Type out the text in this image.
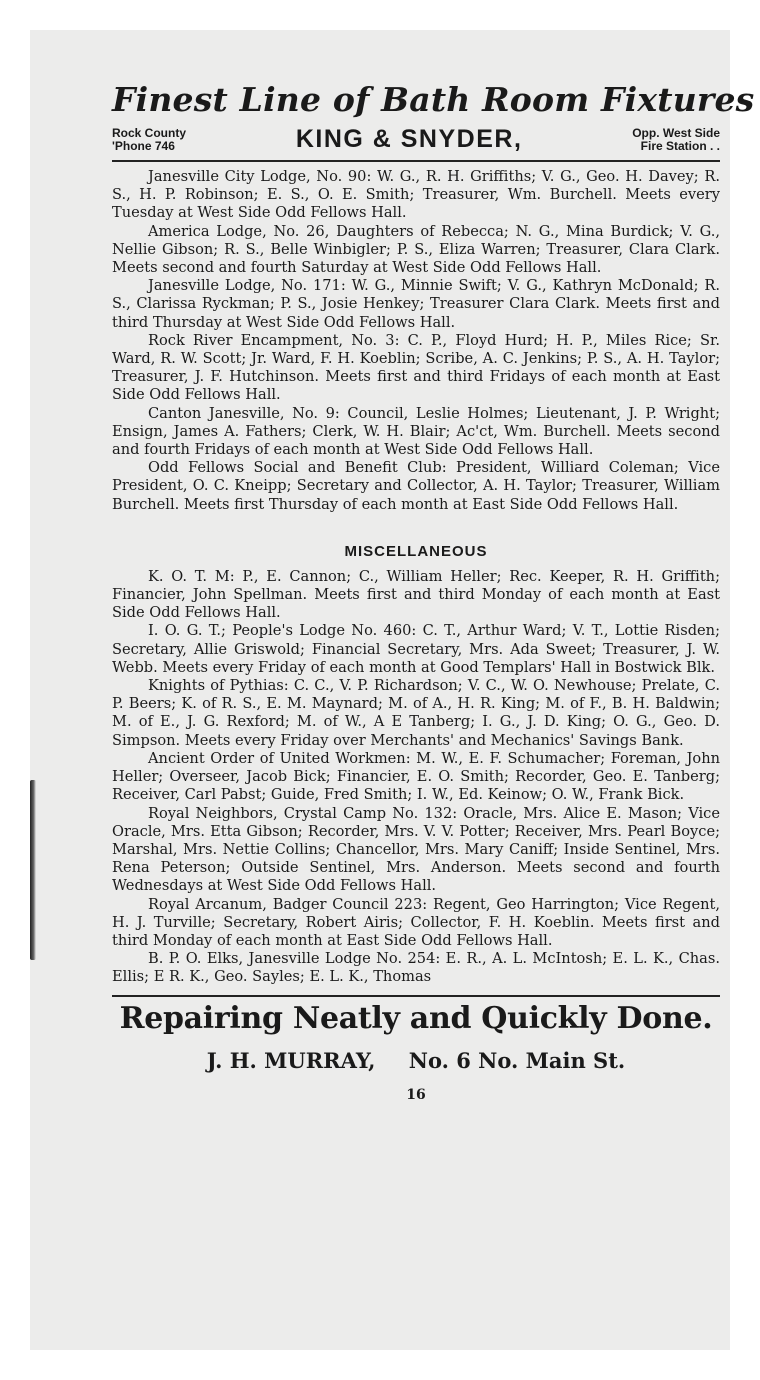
Finest Line of Bath Room Fixtures
Rock County
'Phone 746	KING & SNYDER,	Opp. West Side
Fire Station . .

Janesville City Lodge, No. 90: W. G., R. H. Griffiths; V. G., Geo. H. Davey; R. S., H. P. Robinson; E. S., O. E. Smith; Treasurer, Wm. Burchell. Meets every Tuesday at West Side Odd Fellows Hall.

America Lodge, No. 26, Daughters of Rebecca; N. G., Mina Burdick; V. G., Nellie Gibson; R. S., Belle Winbigler; P. S., Eliza Warren; Treasurer, Clara Clark. Meets second and fourth Saturday at West Side Odd Fellows Hall.

Janesville Lodge, No. 171: W. G., Minnie Swift; V. G., Kathryn McDonald; R. S., Clarissa Ryckman; P. S., Josie Henkey; Treasurer Clara Clark. Meets first and third Thursday at West Side Odd Fellows Hall.

Rock River Encampment, No. 3: C. P., Floyd Hurd; H. P., Miles Rice; Sr. Ward, R. W. Scott; Jr. Ward, F. H. Koeblin; Scribe, A. C. Jenkins; P. S., A. H. Taylor; Treasurer, J. F. Hutchinson. Meets first and third Fridays of each month at East Side Odd Fellows Hall.

Canton Janesville, No. 9: Council, Leslie Holmes; Lieutenant, J. P. Wright; Ensign, James A. Fathers; Clerk, W. H. Blair; Ac'ct, Wm. Burchell. Meets second and fourth Fridays of each month at West Side Odd Fellows Hall.

Odd Fellows Social and Benefit Club: President, Williard Coleman; Vice President, O. C. Kneipp; Secretary and Collector, A. H. Taylor; Treasurer, William Burchell. Meets first Thursday of each month at East Side Odd Fellows Hall.

MISCELLANEOUS

K. O. T. M: P., E. Cannon; C., William Heller; Rec. Keeper, R. H. Griffith; Financier, John Spellman. Meets first and third Monday of each month at East Side Odd Fellows Hall.

I. O. G. T.; People's Lodge No. 460: C. T., Arthur Ward; V. T., Lottie Risden; Secretary, Allie Griswold; Financial Secretary, Mrs. Ada Sweet; Treasurer, J. W. Webb. Meets every Friday of each month at Good Templars' Hall in Bostwick Blk.

Knights of Pythias: C. C., V. P. Richardson; V. C., W. O. Newhouse; Prelate, C. P. Beers; K. of R. S., E. M. Maynard; M. of A., H. R. King; M. of F., B. H. Baldwin; M. of E., J. G. Rexford; M. of W., A E Tanberg; I. G., J. D. King; O. G., Geo. D. Simpson. Meets every Friday over Merchants' and Mechanics' Savings Bank.

Ancient Order of United Workmen: M. W., E. F. Schumacher; Foreman, John Heller; Overseer, Jacob Bick; Financier, E. O. Smith; Recorder, Geo. E. Tanberg; Receiver, Carl Pabst; Guide, Fred Smith; I. W., Ed. Keinow; O. W., Frank Bick.

Royal Neighbors, Crystal Camp No. 132: Oracle, Mrs. Alice E. Mason; Vice Oracle, Mrs. Etta Gibson; Recorder, Mrs. V. V. Potter; Receiver, Mrs. Pearl Boyce; Marshal, Mrs. Nettie Collins; Chancellor, Mrs. Mary Caniff; Inside Sentinel, Mrs. Rena Peterson; Outside Sentinel, Mrs. Anderson. Meets second and fourth Wednesdays at West Side Odd Fellows Hall.

Royal Arcanum, Badger Council 223: Regent, Geo Harrington; Vice Regent, H. J. Turville; Secretary, Robert Airis; Collector, F. H. Koeblin. Meets first and third Monday of each month at East Side Odd Fellows Hall.

B. P. O. Elks, Janesville Lodge No. 254: E. R., A. L. McIntosh; E. L. K., Chas. Ellis; E R. K., Geo. Sayles; E. L. K., Thomas

Repairing Neatly and Quickly Done.
J. H. MURRAY, No. 6 No. Main St.
16
